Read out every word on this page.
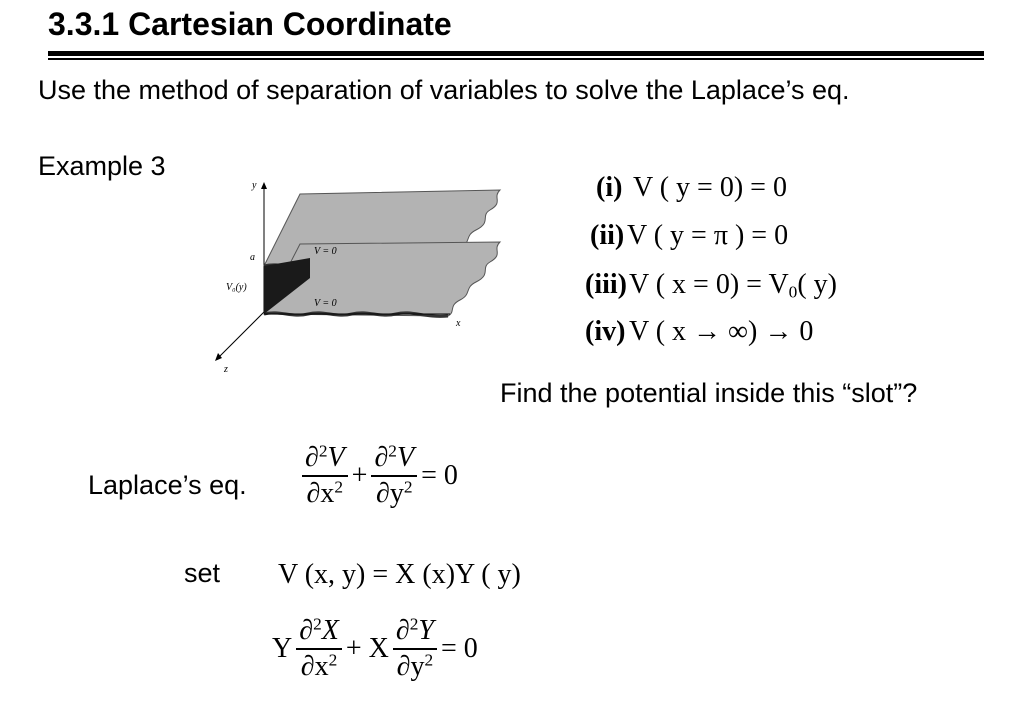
3.3.1 Cartesian Coordinate
Use the method of separation of variables to solve the Laplace’s eq.
Example 3
y
a
V₀(y)
V = 0
V = 0
x
z
(i) V ( y = 0) = 0
(ii)V ( y = π ) = 0
(iii)V ( $x = 0) = V_0$( y)
(iv) V ( x → ∞) → 0
Find the potential inside this “slot”?
Laplace’s eq. $\frac{\partial^2V}{\partial x^2} + \frac{\partial^2V}{\partial y^2} = 0$
set V (x, y) = X (x)Y ( y)
Y $\frac{\partial^2X}{\partial x^2} + X \frac{\partial^2Y}{\partial y^2} = 0$
